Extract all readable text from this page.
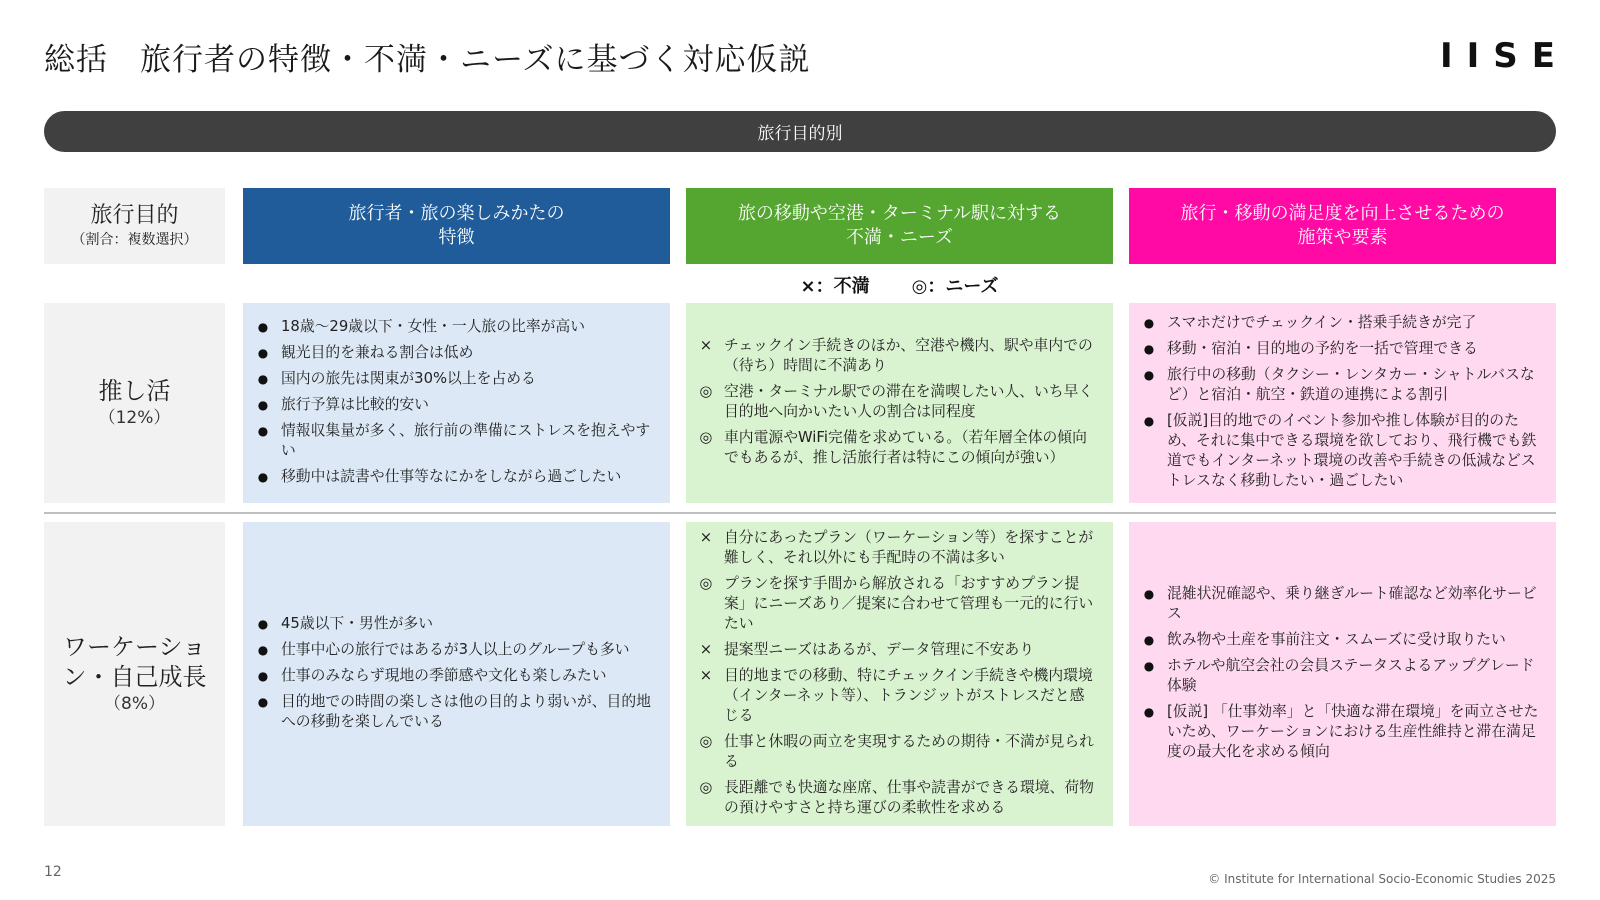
総括　旅行者の特徴・不満・ニーズに基づく対応仮説	IISE
旅行目的別
旅行目的
（割合：複数選択）
旅行者・旅の楽しみかたの
特徴
旅の移動や空港・ターミナル駅に対する
不満・ニーズ
旅行・移動の満足度を向上させるための
施策や要素
×：不満 ◎：ニーズ
推し活
（12%）
●
18歳〜29歳以下・女性・一人旅の比率が高い
●
観光目的を兼ねる割合は低め
●
国内の旅先は関東が30%以上を占める
●
旅行予算は比較的安い
●
情報収集量が多く、旅行前の準備にストレスを抱えやすい
●
移動中は読書や仕事等なにかをしながら過ごしたい
× チェックイン手続きのほか、空港や機内、駅や車内での（待ち）時間に不満あり
◎ 空港・ターミナル駅での滞在を満喫したい人、いち早く目的地へ向かいたい人の割合は同程度
◎ 車内電源やWiFi完備を求めている。（若年層全体の傾向でもあるが、推し活旅行者は特にこの傾向が強い）
●
スマホだけでチェックイン・搭乗手続きが完了
●
移動・宿泊・目的地の予約を一括で管理できる
●
旅行中の移動（タクシー・レンタカー・シャトルバスなど）と宿泊・航空・鉄道の連携による割引
●
[仮説]目的地でのイベント参加や推し体験が目的のため、それに集中できる環境を欲しており、飛行機でも鉄道でもインターネット環境の改善や手続きの低減などストレスなく移動したい・過ごしたい
ワーケーション・自己成長
（8%）
●
45歳以下・男性が多い
●
仕事中心の旅行ではあるが3人以上のグループも多い
●
仕事のみならず現地の季節感や文化も楽しみたい
●
目的地での時間の楽しさは他の目的より弱いが、目的地への移動を楽しんでいる
× 自分にあったプラン（ワーケーション等）を探すことが難しく、それ以外にも手配時の不満は多い
◎ プランを探す手間から解放される「おすすめプラン提案」にニーズあり／提案に合わせて管理も一元的に行いたい
× 提案型ニーズはあるが、データ管理に不安あり
× 目的地までの移動、特にチェックイン手続きや機内環境（インターネット等）、トランジットがストレスだと感じる
◎ 仕事と休暇の両立を実現するための期待・不満が見られる
◎ 長距離でも快適な座席、仕事や読書ができる環境、荷物の預けやすさと持ち運びの柔軟性を求める
●
混雑状況確認や、乗り継ぎルート確認など効率化サービス
●
飲み物や土産を事前注文・スムーズに受け取りたい
●
ホテルや航空会社の会員ステータスよるアップグレード体験
●
[仮説] 「仕事効率」と「快適な滞在環境」を両立させたいため、ワーケーションにおける生産性維持と滞在満足度の最大化を求める傾向
12	© Institute for International Socio-Economic Studies 2025
